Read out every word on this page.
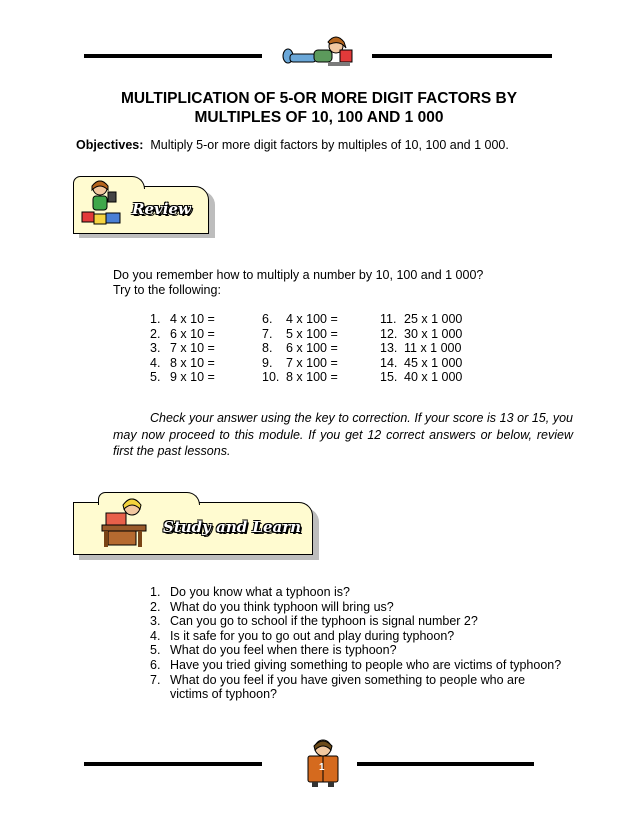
MULTIPLICATION OF 5-OR MORE DIGIT FACTORS BY
MULTIPLES OF 10, 100 AND 1 000
Objectives: Multiply 5-or more digit factors by multiples of 10, 100 and 1 000.
Review
Do you remember how to multiply a number by 10, 100 and 1 000?
Try to the following:
1. 4 x 10 =
2. 6 x 10 =
3. 7 x 10 =
4. 8 x 10 =
5. 9 x 10 =
6. 4 x 100 =
7. 5 x 100 =
8. 6 x 100 =
9. 7 x 100 =
10. 8 x 100 =
11. 25 x 1 000
12. 30 x 1 000
13. 11 x 1 000
14. 45 x 1 000
15. 40 x 1 000
Check your answer using the key to correction. If your score is 13 or 15, you may now proceed to this module. If you get 12 correct answers or below, review first the past lessons.
Study and Learn
1. Do you know what a typhoon is?
2. What do you think typhoon will bring us?
3. Can you go to school if the typhoon is signal number 2?
4. Is it safe for you to go out and play during typhoon?
5. What do you feel when there is typhoon?
6. Have you tried giving something to people who are victims of typhoon?
7. What do you feel if you have given something to people who are victims of typhoon?
1
